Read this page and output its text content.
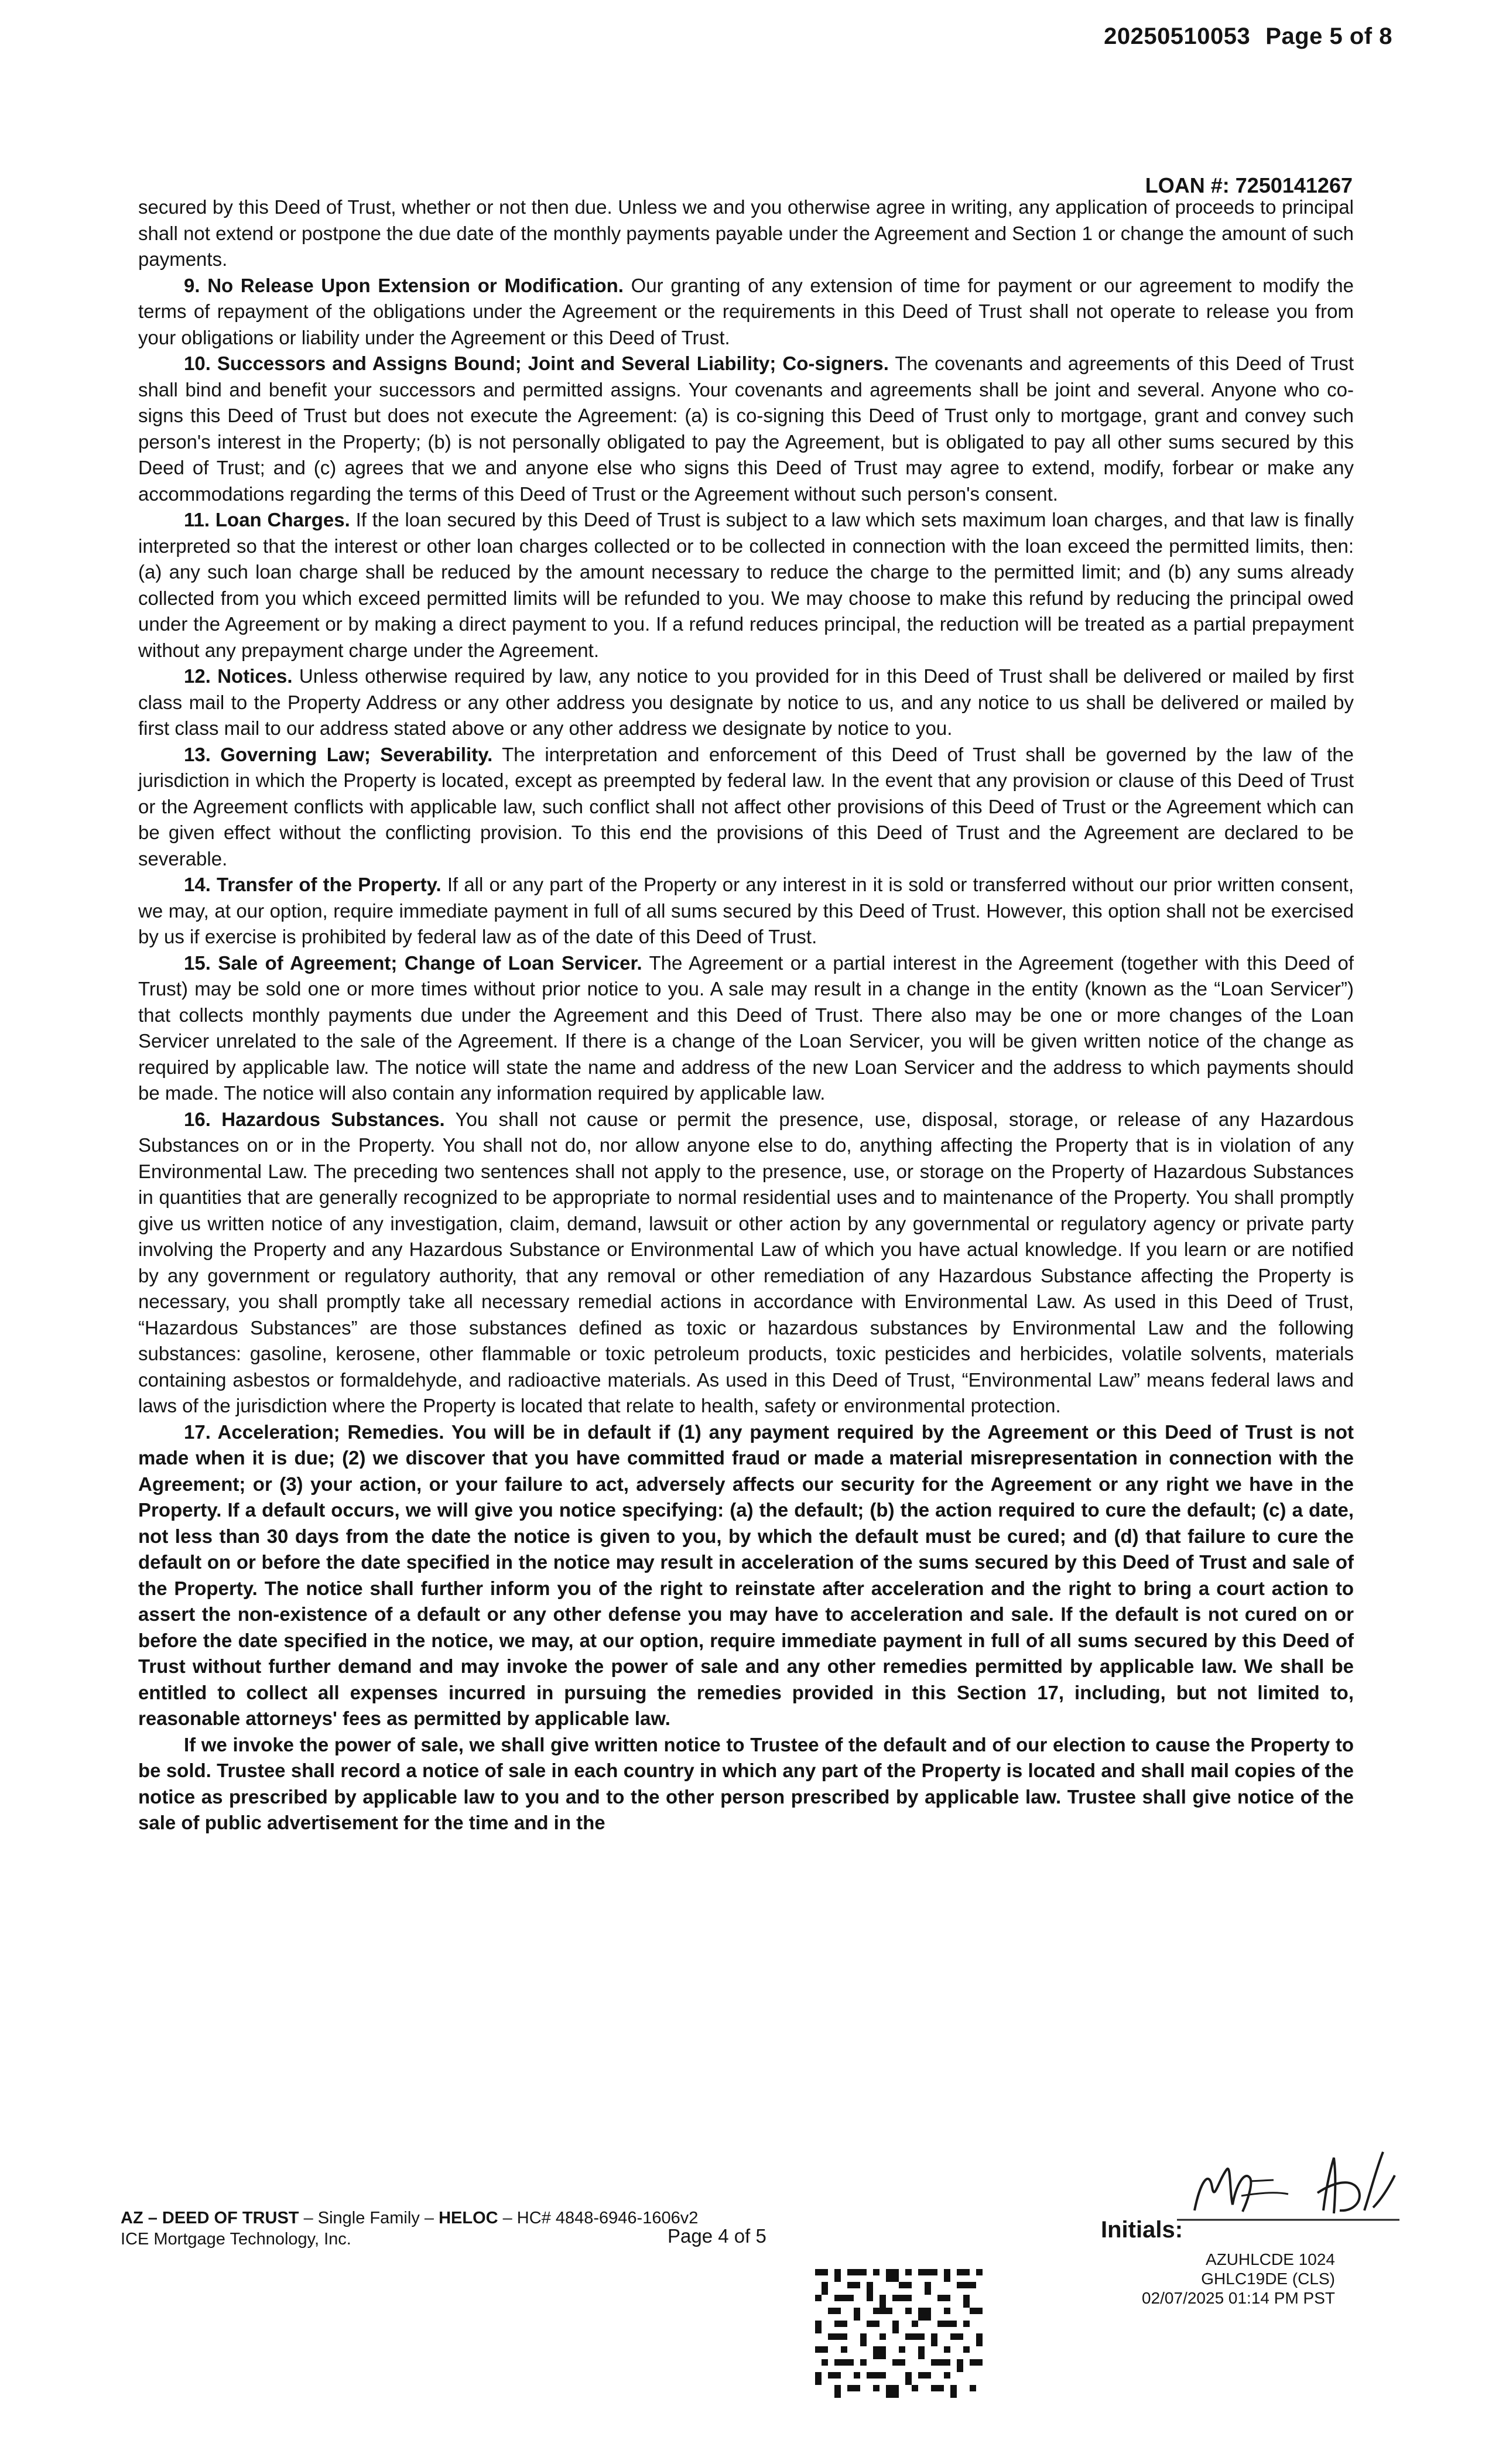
20250510053 Page 5 of 8
LOAN #: 7250141267

secured by this Deed of Trust, whether or not then due. Unless we and you otherwise agree in writing, any application of proceeds to principal shall not extend or postpone the due date of the monthly payments payable under the Agreement and Section 1 or change the amount of such payments.

9. No Release Upon Extension or Modification. Our granting of any extension of time for payment or our agreement to modify the terms of repayment of the obligations under the Agreement or the requirements in this Deed of Trust shall not operate to release you from your obligations or liability under the Agreement or this Deed of Trust.

10. Successors and Assigns Bound; Joint and Several Liability; Co-signers. The covenants and agreements of this Deed of Trust shall bind and benefit your successors and permitted assigns. Your covenants and agreements shall be joint and several. Anyone who co-signs this Deed of Trust but does not execute the Agreement: (a) is co-signing this Deed of Trust only to mortgage, grant and convey such person's interest in the Property; (b) is not personally obligated to pay the Agreement, but is obligated to pay all other sums secured by this Deed of Trust; and (c) agrees that we and anyone else who signs this Deed of Trust may agree to extend, modify, forbear or make any accommodations regarding the terms of this Deed of Trust or the Agreement without such person's consent.

11. Loan Charges. If the loan secured by this Deed of Trust is subject to a law which sets maximum loan charges, and that law is finally interpreted so that the interest or other loan charges collected or to be collected in connection with the loan exceed the permitted limits, then: (a) any such loan charge shall be reduced by the amount necessary to reduce the charge to the permitted limit; and (b) any sums already collected from you which exceed permitted limits will be refunded to you. We may choose to make this refund by reducing the principal owed under the Agreement or by making a direct payment to you. If a refund reduces principal, the reduction will be treated as a partial prepayment without any prepayment charge under the Agreement.

12. Notices. Unless otherwise required by law, any notice to you provided for in this Deed of Trust shall be delivered or mailed by first class mail to the Property Address or any other address you designate by notice to us, and any notice to us shall be delivered or mailed by first class mail to our address stated above or any other address we designate by notice to you.

13. Governing Law; Severability. The interpretation and enforcement of this Deed of Trust shall be governed by the law of the jurisdiction in which the Property is located, except as preempted by federal law. In the event that any provision or clause of this Deed of Trust or the Agreement conflicts with applicable law, such conflict shall not affect other provisions of this Deed of Trust or the Agreement which can be given effect without the conflicting provision. To this end the provisions of this Deed of Trust and the Agreement are declared to be severable.

14. Transfer of the Property. If all or any part of the Property or any interest in it is sold or transferred without our prior written consent, we may, at our option, require immediate payment in full of all sums secured by this Deed of Trust. However, this option shall not be exercised by us if exercise is prohibited by federal law as of the date of this Deed of Trust.

15. Sale of Agreement; Change of Loan Servicer. The Agreement or a partial interest in the Agreement (together with this Deed of Trust) may be sold one or more times without prior notice to you. A sale may result in a change in the entity (known as the “Loan Servicer”) that collects monthly payments due under the Agreement and this Deed of Trust. There also may be one or more changes of the Loan Servicer unrelated to the sale of the Agreement. If there is a change of the Loan Servicer, you will be given written notice of the change as required by applicable law. The notice will state the name and address of the new Loan Servicer and the address to which payments should be made. The notice will also contain any information required by applicable law.

16. Hazardous Substances. You shall not cause or permit the presence, use, disposal, storage, or release of any Hazardous Substances on or in the Property. You shall not do, nor allow anyone else to do, anything affecting the Property that is in violation of any Environmental Law. The preceding two sentences shall not apply to the presence, use, or storage on the Property of Hazardous Substances in quantities that are generally recognized to be appropriate to normal residential uses and to maintenance of the Property. You shall promptly give us written notice of any investigation, claim, demand, lawsuit or other action by any governmental or regulatory agency or private party involving the Property and any Hazardous Substance or Environmental Law of which you have actual knowledge. If you learn or are notified by any government or regulatory authority, that any removal or other remediation of any Hazardous Substance affecting the Property is necessary, you shall promptly take all necessary remedial actions in accordance with Environmental Law. As used in this Deed of Trust, “Hazardous Substances” are those substances defined as toxic or hazardous substances by Environmental Law and the following substances: gasoline, kerosene, other flammable or toxic petroleum products, toxic pesticides and herbicides, volatile solvents, materials containing asbestos or formaldehyde, and radioactive materials. As used in this Deed of Trust, “Environmental Law” means federal laws and laws of the jurisdiction where the Property is located that relate to health, safety or environmental protection.

17. Acceleration; Remedies. You will be in default if (1) any payment required by the Agreement or this Deed of Trust is not made when it is due; (2) we discover that you have committed fraud or made a material misrepresentation in connection with the Agreement; or (3) your action, or your failure to act, adversely affects our security for the Agreement or any right we have in the Property. If a default occurs, we will give you notice specifying: (a) the default; (b) the action required to cure the default; (c) a date, not less than 30 days from the date the notice is given to you, by which the default must be cured; and (d) that failure to cure the default on or before the date specified in the notice may result in acceleration of the sums secured by this Deed of Trust and sale of the Property. The notice shall further inform you of the right to reinstate after acceleration and the right to bring a court action to assert the non-existence of a default or any other defense you may have to acceleration and sale. If the default is not cured on or before the date specified in the notice, we may, at our option, require immediate payment in full of all sums secured by this Deed of Trust without further demand and may invoke the power of sale and any other remedies permitted by applicable law. We shall be entitled to collect all expenses incurred in pursuing the remedies provided in this Section 17, including, but not limited to, reasonable attorneys' fees as permitted by applicable law.

If we invoke the power of sale, we shall give written notice to Trustee of the default and of our election to cause the Property to be sold. Trustee shall record a notice of sale in each country in which any part of the Property is located and shall mail copies of the notice as prescribed by applicable law to you and to the other person prescribed by applicable law. Trustee shall give notice of the sale of public advertisement for the time and in the

AZ – DEED OF TRUST – Single Family – HELOC – HC# 4848-6946-1606v2
ICE Mortgage Technology, Inc.	Page 4 of 5	Initials:
AZUHLCDE 1024
GHLC19DE (CLS)
02/07/2025 01:14 PM PST
